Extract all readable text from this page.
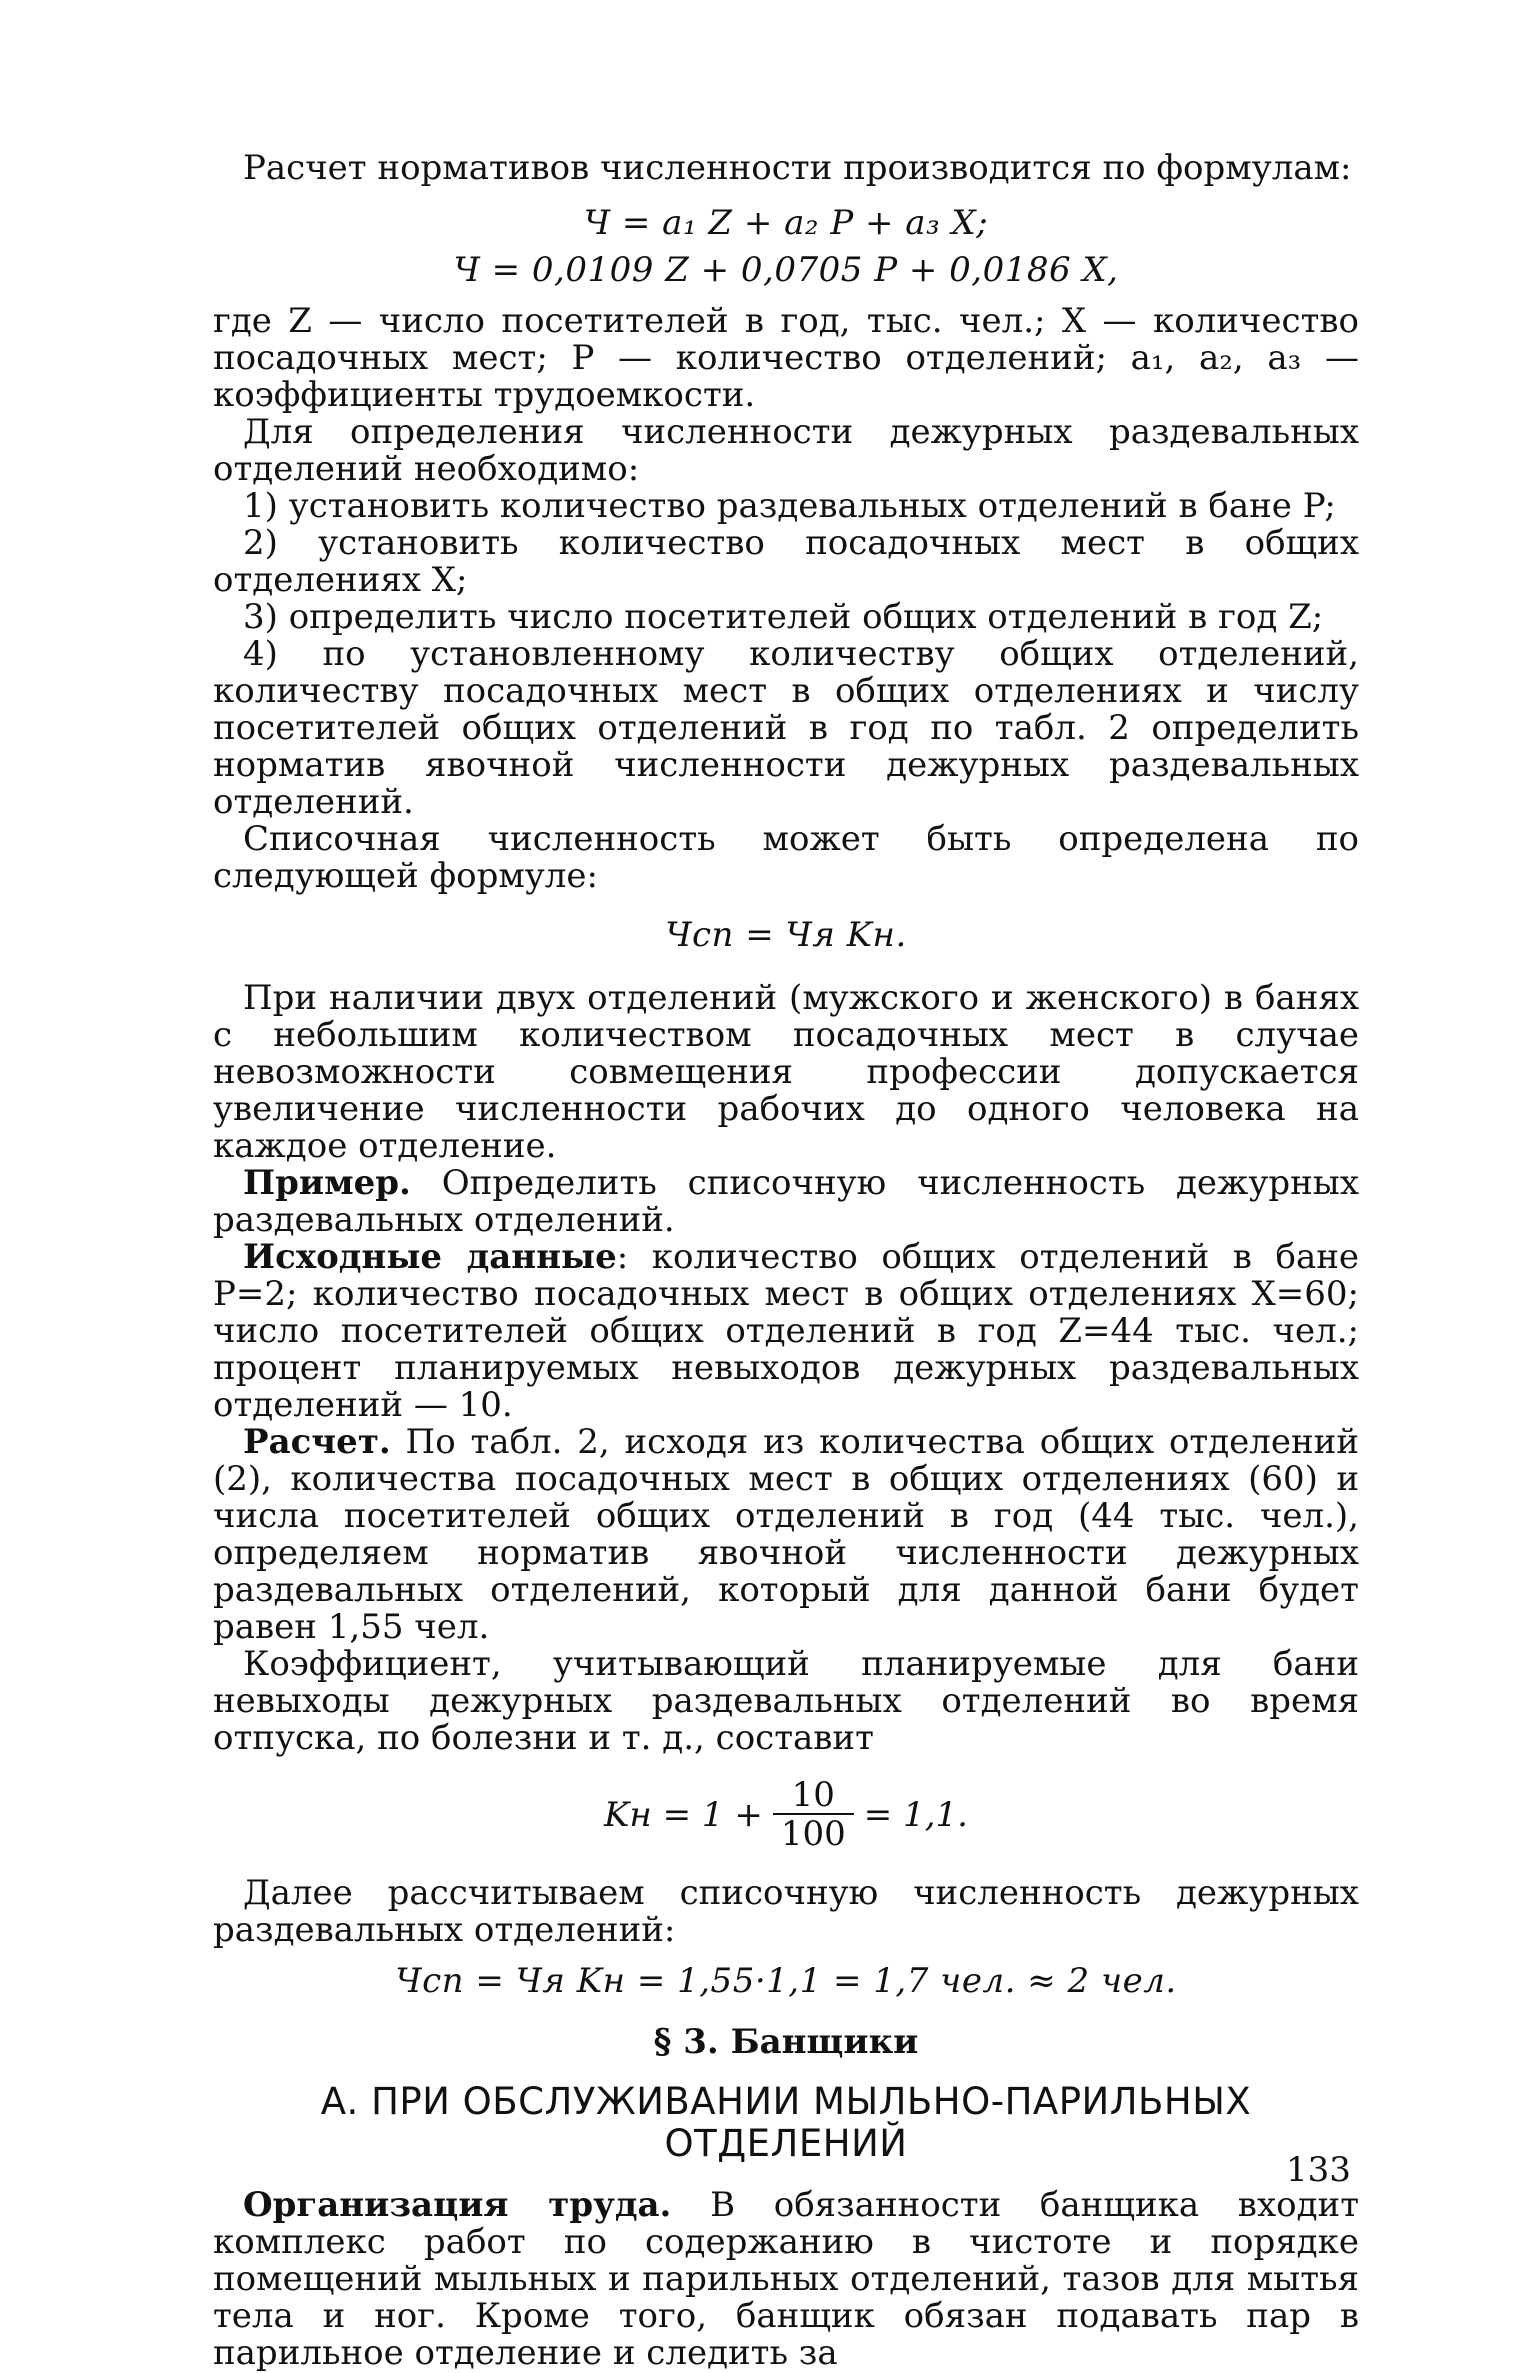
Расчет нормативов численности производится по формулам:

Ч = a₁ Z + a₂ P + a₃ X;

Ч = 0,0109 Z + 0,0705 P + 0,0186 X,

где Z — число посетителей в год, тыс. чел.; X — количество посадочных мест; P — количество отделений; a₁, a₂, a₃ — коэффициенты трудоемкости.

Для определения численности дежурных раздевальных отделений необходимо:

1) установить количество раздевальных отделений в бане P;

2) установить количество посадочных мест в общих отделениях X;

3) определить число посетителей общих отделений в год Z;

4) по установленному количеству общих отделений, количеству посадочных мест в общих отделениях и числу посетителей общих отделений в год по табл. 2 определить норматив явочной численности дежурных раздевальных отделений.

Списочная численность может быть определена по следующей формуле:

Чсп = Чя Kн.

При наличии двух отделений (мужского и женского) в банях с небольшим количеством посадочных мест в случае невозможности совмещения профессии допускается увеличение численности рабочих до одного человека на каждое отделение.

Пример. Определить списочную численность дежурных раздевальных отделений.

Исходные данные: количество общих отделений в бане P=2; количество посадочных мест в общих отделениях X=60; число посетителей общих отделений в год Z=44 тыс. чел.; процент планируемых невыходов дежурных раздевальных отделений — 10.

Расчет. По табл. 2, исходя из количества общих отделений (2), количества посадочных мест в общих отделениях (60) и числа посетителей общих отделений в год (44 тыс. чел.), определяем норматив явочной численности дежурных раздевальных отделений, который для данной бани будет равен 1,55 чел.

Коэффициент, учитывающий планируемые для бани невыходы дежурных раздевальных отделений во время отпуска, по болезни и т. д., составит

Kн = $1 + \frac{10}{100} = 1,1$.

Далее рассчитываем списочную численность дежурных раздевальных отделений:

Чсп = Чя Kн = 1,55·1,1 = 1,7 чел. ≈ 2 чел.

§ 3. Банщики

А. ПРИ ОБСЛУЖИВАНИИ МЫЛЬНО-ПАРИЛЬНЫХ ОТДЕЛЕНИЙ

Организация труда. В обязанности банщика входит комплекс работ по содержанию в чистоте и порядке помещений мыльных и парильных отделений, тазов для мытья тела и ног. Кроме того, банщик обязан подавать пар в парильное отделение и следить за

133
